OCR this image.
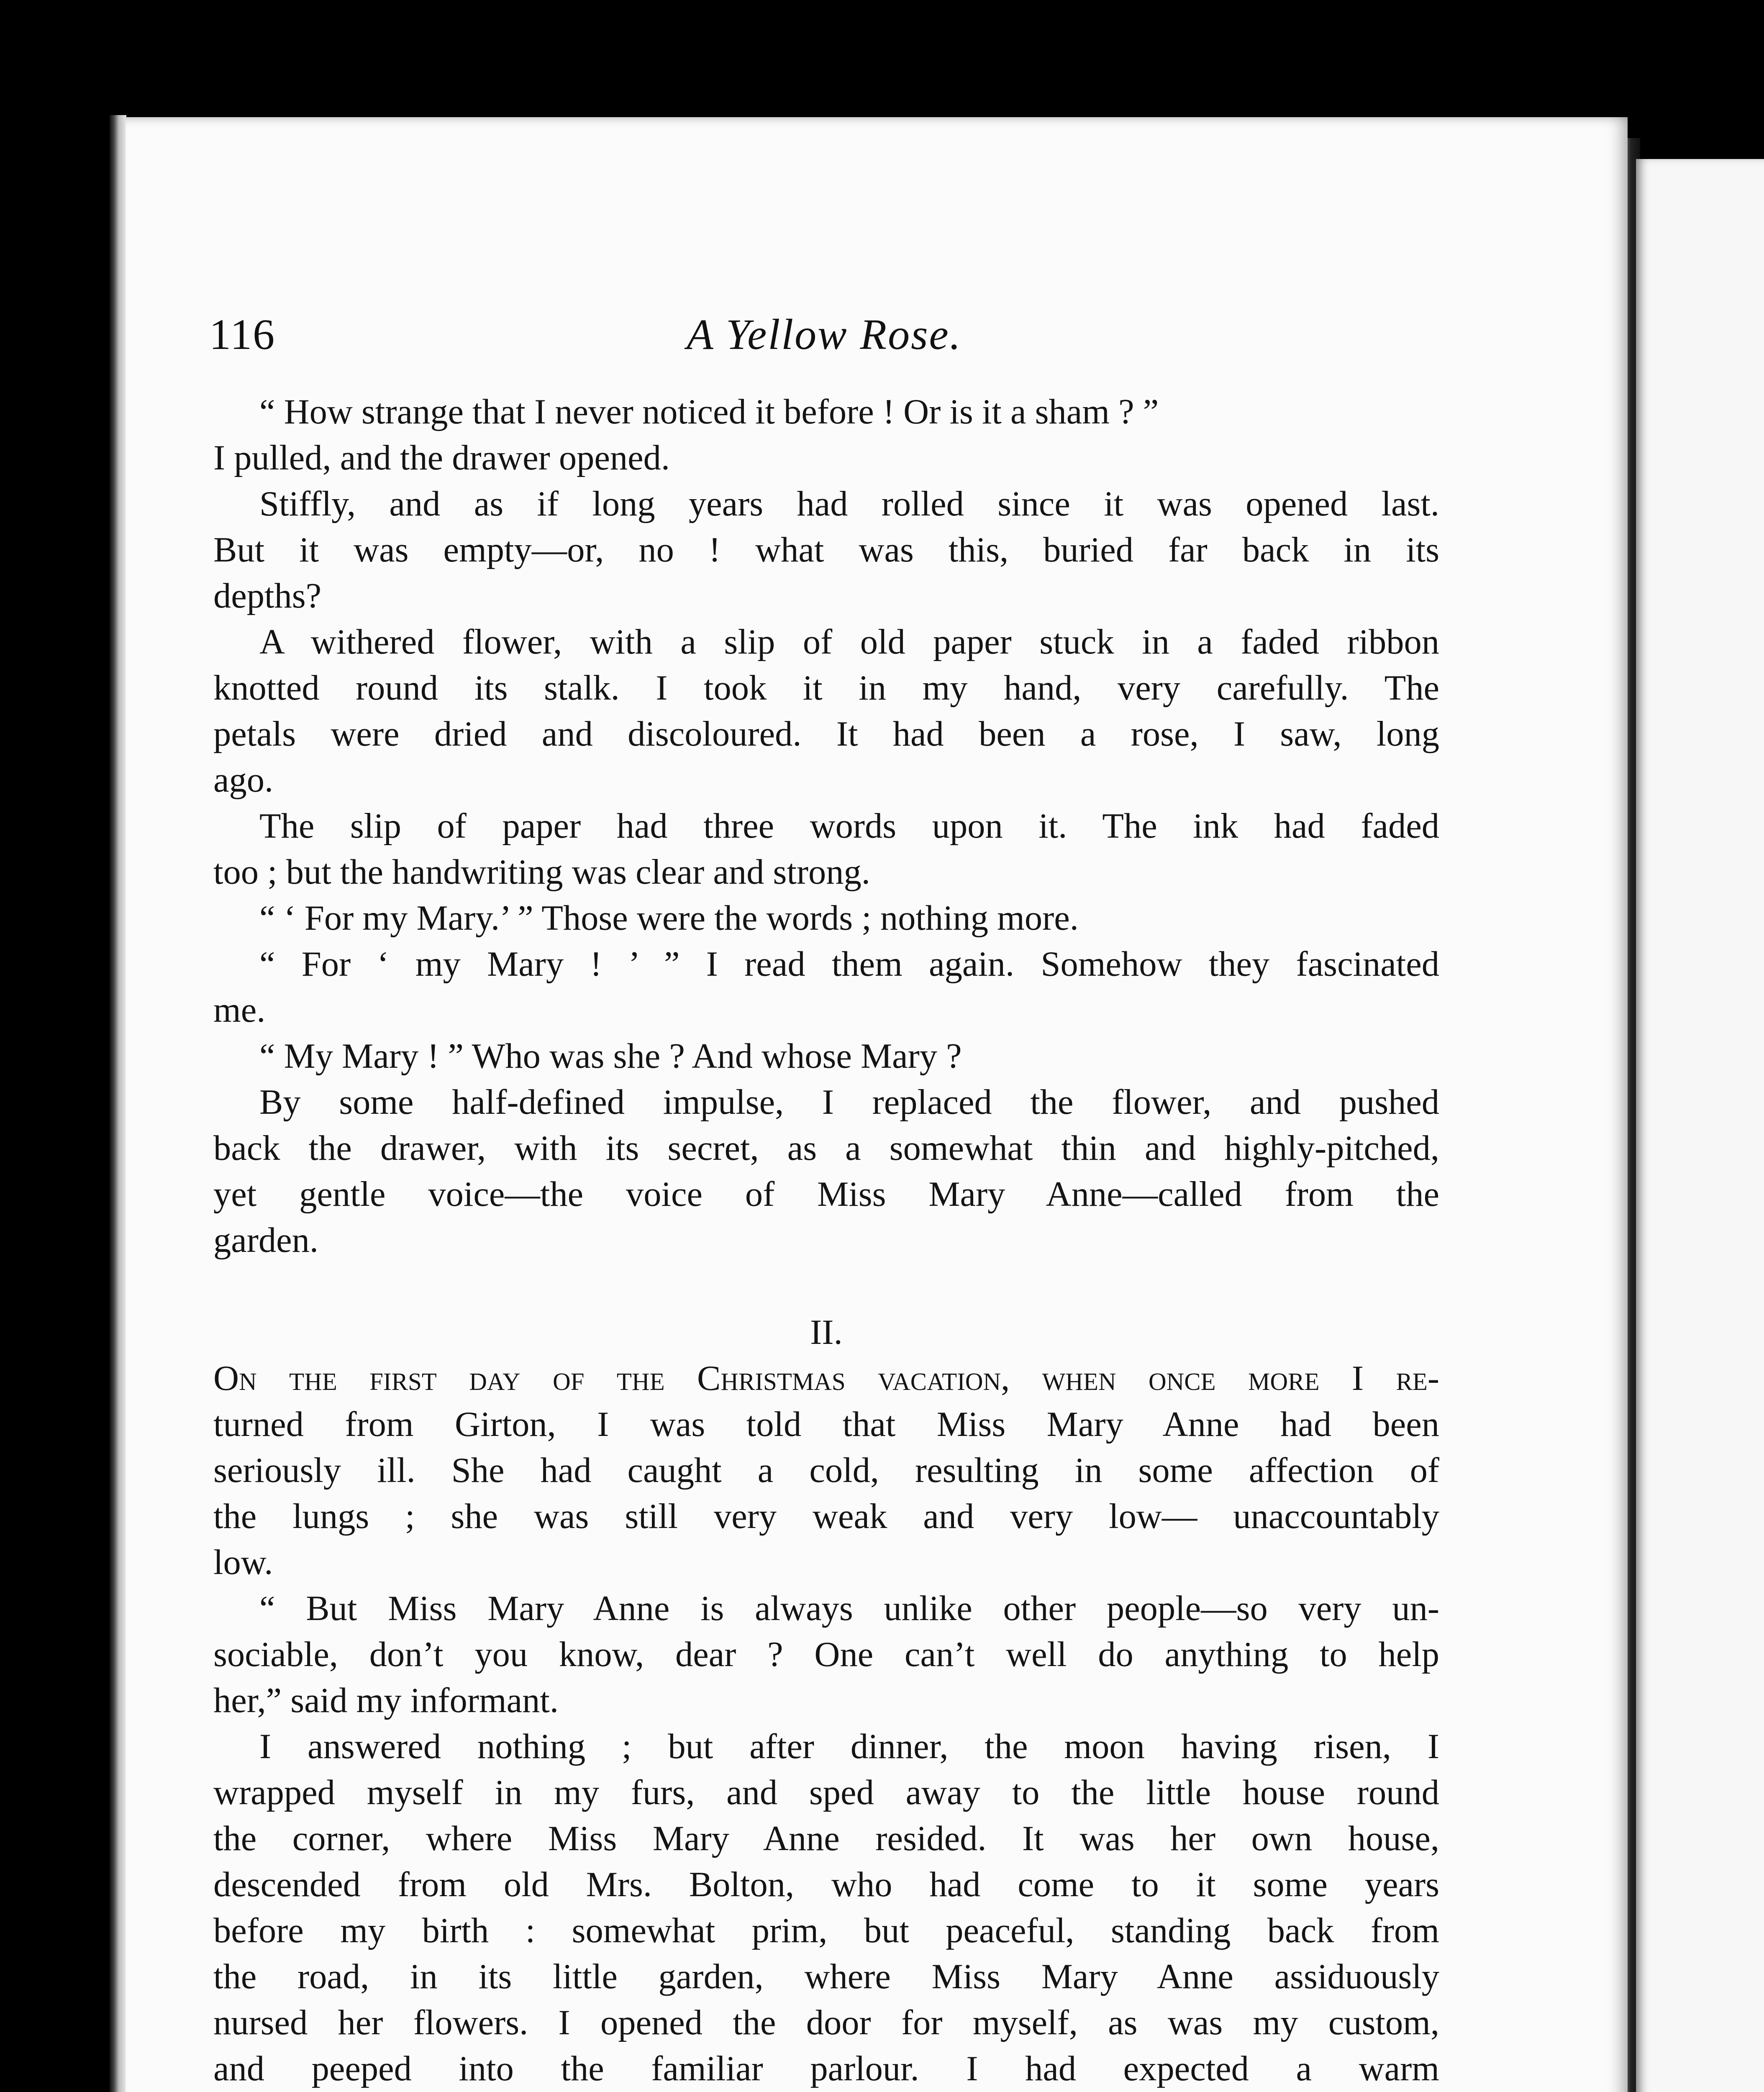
116	A Yellow Rose.
“ How strange that I never noticed it before ! Or is it a sham ? ”
I pulled, and the drawer opened.
Stiffly, and as if long years had rolled since it was opened last.
But it was empty—or, no ! what was this, buried far back in its
depths?
A withered flower, with a slip of old paper stuck in a faded ribbon
knotted round its stalk. I took it in my hand, very carefully. The
petals were dried and discoloured. It had been a rose, I saw, long
ago.
The slip of paper had three words upon it. The ink had faded
too ; but the handwriting was clear and strong.
“ ‘ For my Mary.’ ” Those were the words ; nothing more.
“ For ‘ my Mary ! ’ ” I read them again. Somehow they fascinated
me.
“ My Mary ! ” Who was she ? And whose Mary ?
By some half-defined impulse, I replaced the flower, and pushed
back the drawer, with its secret, as a somewhat thin and highly-pitched,
yet gentle voice—the voice of Miss Mary Anne—called from the
garden.
II.
On the first day of the Christmas vacation, when once more I re-
turned from Girton, I was told that Miss Mary Anne had been
seriously ill. She had caught a cold, resulting in some affection of
the lungs ; she was still very weak and very low— unaccountably
low.
“ But Miss Mary Anne is always unlike other people—so very un-
sociable, don’t you know, dear ? One can’t well do anything to help
her,” said my informant.
I answered nothing ; but after dinner, the moon having risen, I
wrapped myself in my furs, and sped away to the little house round
the corner, where Miss Mary Anne resided. It was her own house,
descended from old Mrs. Bolton, who had come to it some years
before my birth : somewhat prim, but peaceful, standing back from
the road, in its little garden, where Miss Mary Anne assiduously
nursed her flowers. I opened the door for myself, as was my custom,
and peeped into the familiar parlour. I had expected a warm
